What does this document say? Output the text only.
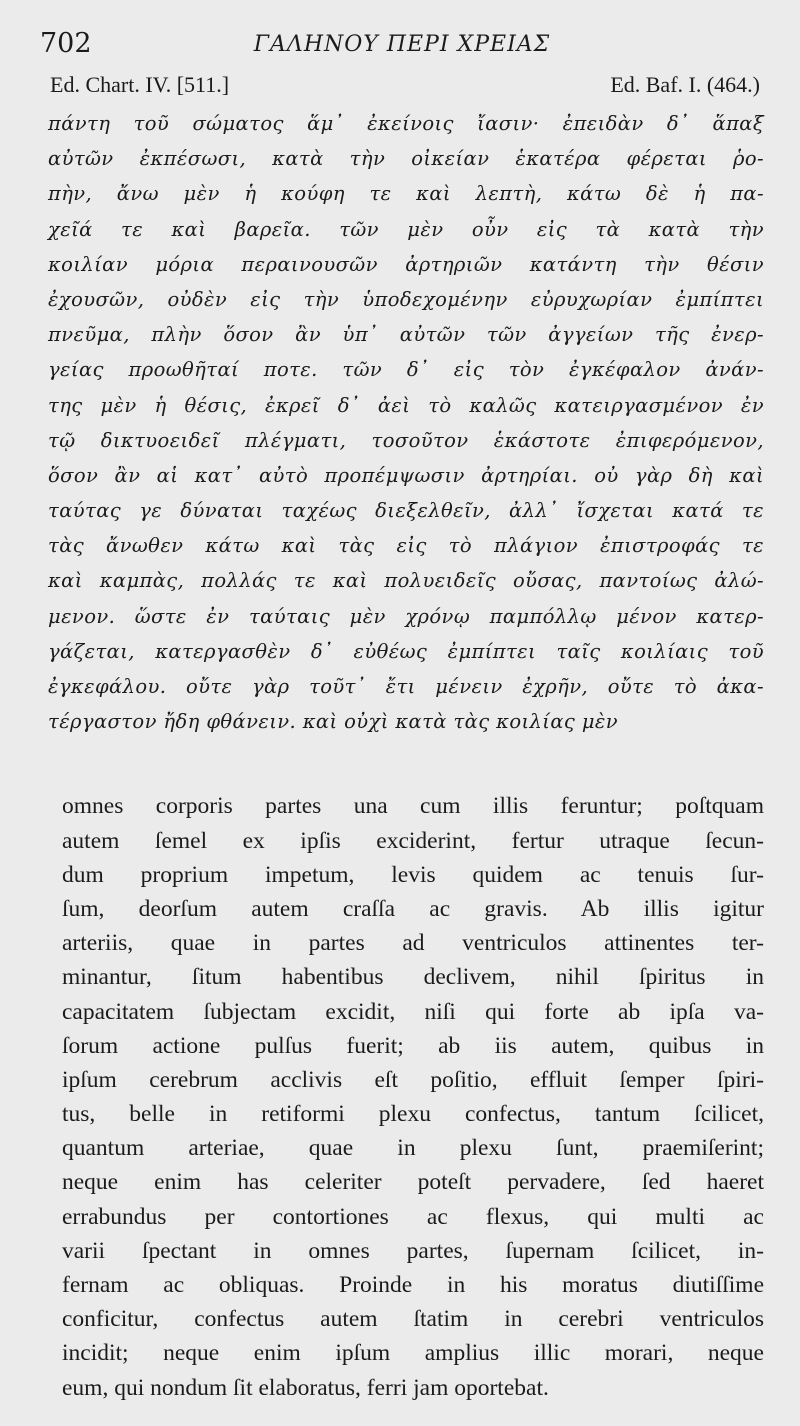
702	ΓΑΛΗΝΟΥ ΠΕΡΙ ΧΡΕΙΑΣ
Ed. Chart. IV. [511.]	Ed. Baf. I. (464.)
πάντη τοῦ σώματος ἅμ᾽ ἐκείνοις ἴασιν· ἐπειδὰν δ᾽ ἅπαξ
αὐτῶν ἐκπέσωσι, κατὰ τὴν οἰκείαν ἑκατέρα φέρεται ῥο-
πὴν, ἄνω μὲν ἡ κούφη τε καὶ λεπτὴ, κάτω δὲ ἡ πα-
χεῖά τε καὶ βαρεῖα. τῶν μὲν οὖν εἰς τὰ κατὰ τὴν
κοιλίαν μόρια περαινουσῶν ἀρτηριῶν κατάντη τὴν θέσιν
ἐχουσῶν, οὐδὲν εἰς τὴν ὑποδεχομένην εὐρυχωρίαν ἐμπίπτει
πνεῦμα, πλὴν ὅσον ἂν ὑπ᾽ αὐτῶν τῶν ἀγγείων τῆς ἐνερ-
γείας προωθῆταί ποτε. τῶν δ᾽ εἰς τὸν ἐγκέφαλον ἀνάν-
της μὲν ἡ θέσις, ἐκρεῖ δ᾽ ἀεὶ τὸ καλῶς κατειργασμένον ἐν
τῷ δικτυοειδεῖ πλέγματι, τοσοῦτον ἑκάστοτε ἐπιφερόμενον,
ὅσον ἂν αἱ κατ᾽ αὐτὸ προπέμψωσιν ἀρτηρίαι. οὐ γὰρ δὴ καὶ
ταύτας γε δύναται ταχέως διεξελθεῖν, ἀλλ᾽ ἴσχεται κατά τε
τὰς ἄνωθεν κάτω καὶ τὰς εἰς τὸ πλάγιον ἐπιστροφάς τε
καὶ καμπὰς, πολλάς τε καὶ πολυειδεῖς οὔσας, παντοίως ἀλώ-
μενον. ὥστε ἐν ταύταις μὲν χρόνῳ παμπόλλῳ μένον κατερ-
γάζεται, κατεργασθὲν δ᾽ εὐθέως ἐμπίπτει ταῖς κοιλίαις τοῦ
ἐγκεφάλου. οὔτε γὰρ τοῦτ᾽ ἔτι μένειν ἐχρῆν, οὔτε τὸ ἀκα-
τέργαστον ἤδη φθάνειν. καὶ οὐχὶ κατὰ τὰς κοιλίας μὲν
omnes corporis partes una cum illis feruntur; poſtquam
autem ſemel ex ipſis exciderint, fertur utraque ſecun-
dum proprium impetum, levis quidem ac tenuis ſur-
ſum, deorſum autem craſſa ac gravis. Ab illis igitur
arteriis, quae in partes ad ventriculos attinentes ter-
minantur, ſitum habentibus declivem, nihil ſpiritus in
capacitatem ſubjectam excidit, niſi qui forte ab ipſa va-
ſorum actione pulſus fuerit; ab iis autem, quibus in
ipſum cerebrum acclivis eſt poſitio, effluit ſemper ſpiri-
tus, belle in retiformi plexu confectus, tantum ſcilicet,
quantum arteriae, quae in plexu ſunt, praemiſerint;
neque enim has celeriter poteſt pervadere, ſed haeret
errabundus per contortiones ac flexus, qui multi ac
varii ſpectant in omnes partes, ſupernam ſcilicet, in-
fernam ac obliquas. Proinde in his moratus diutiſſime
conficitur, confectus autem ſtatim in cerebri ventriculos
incidit; neque enim ipſum amplius illic morari, neque
eum, qui nondum ſit elaboratus, ferri jam oportebat.
